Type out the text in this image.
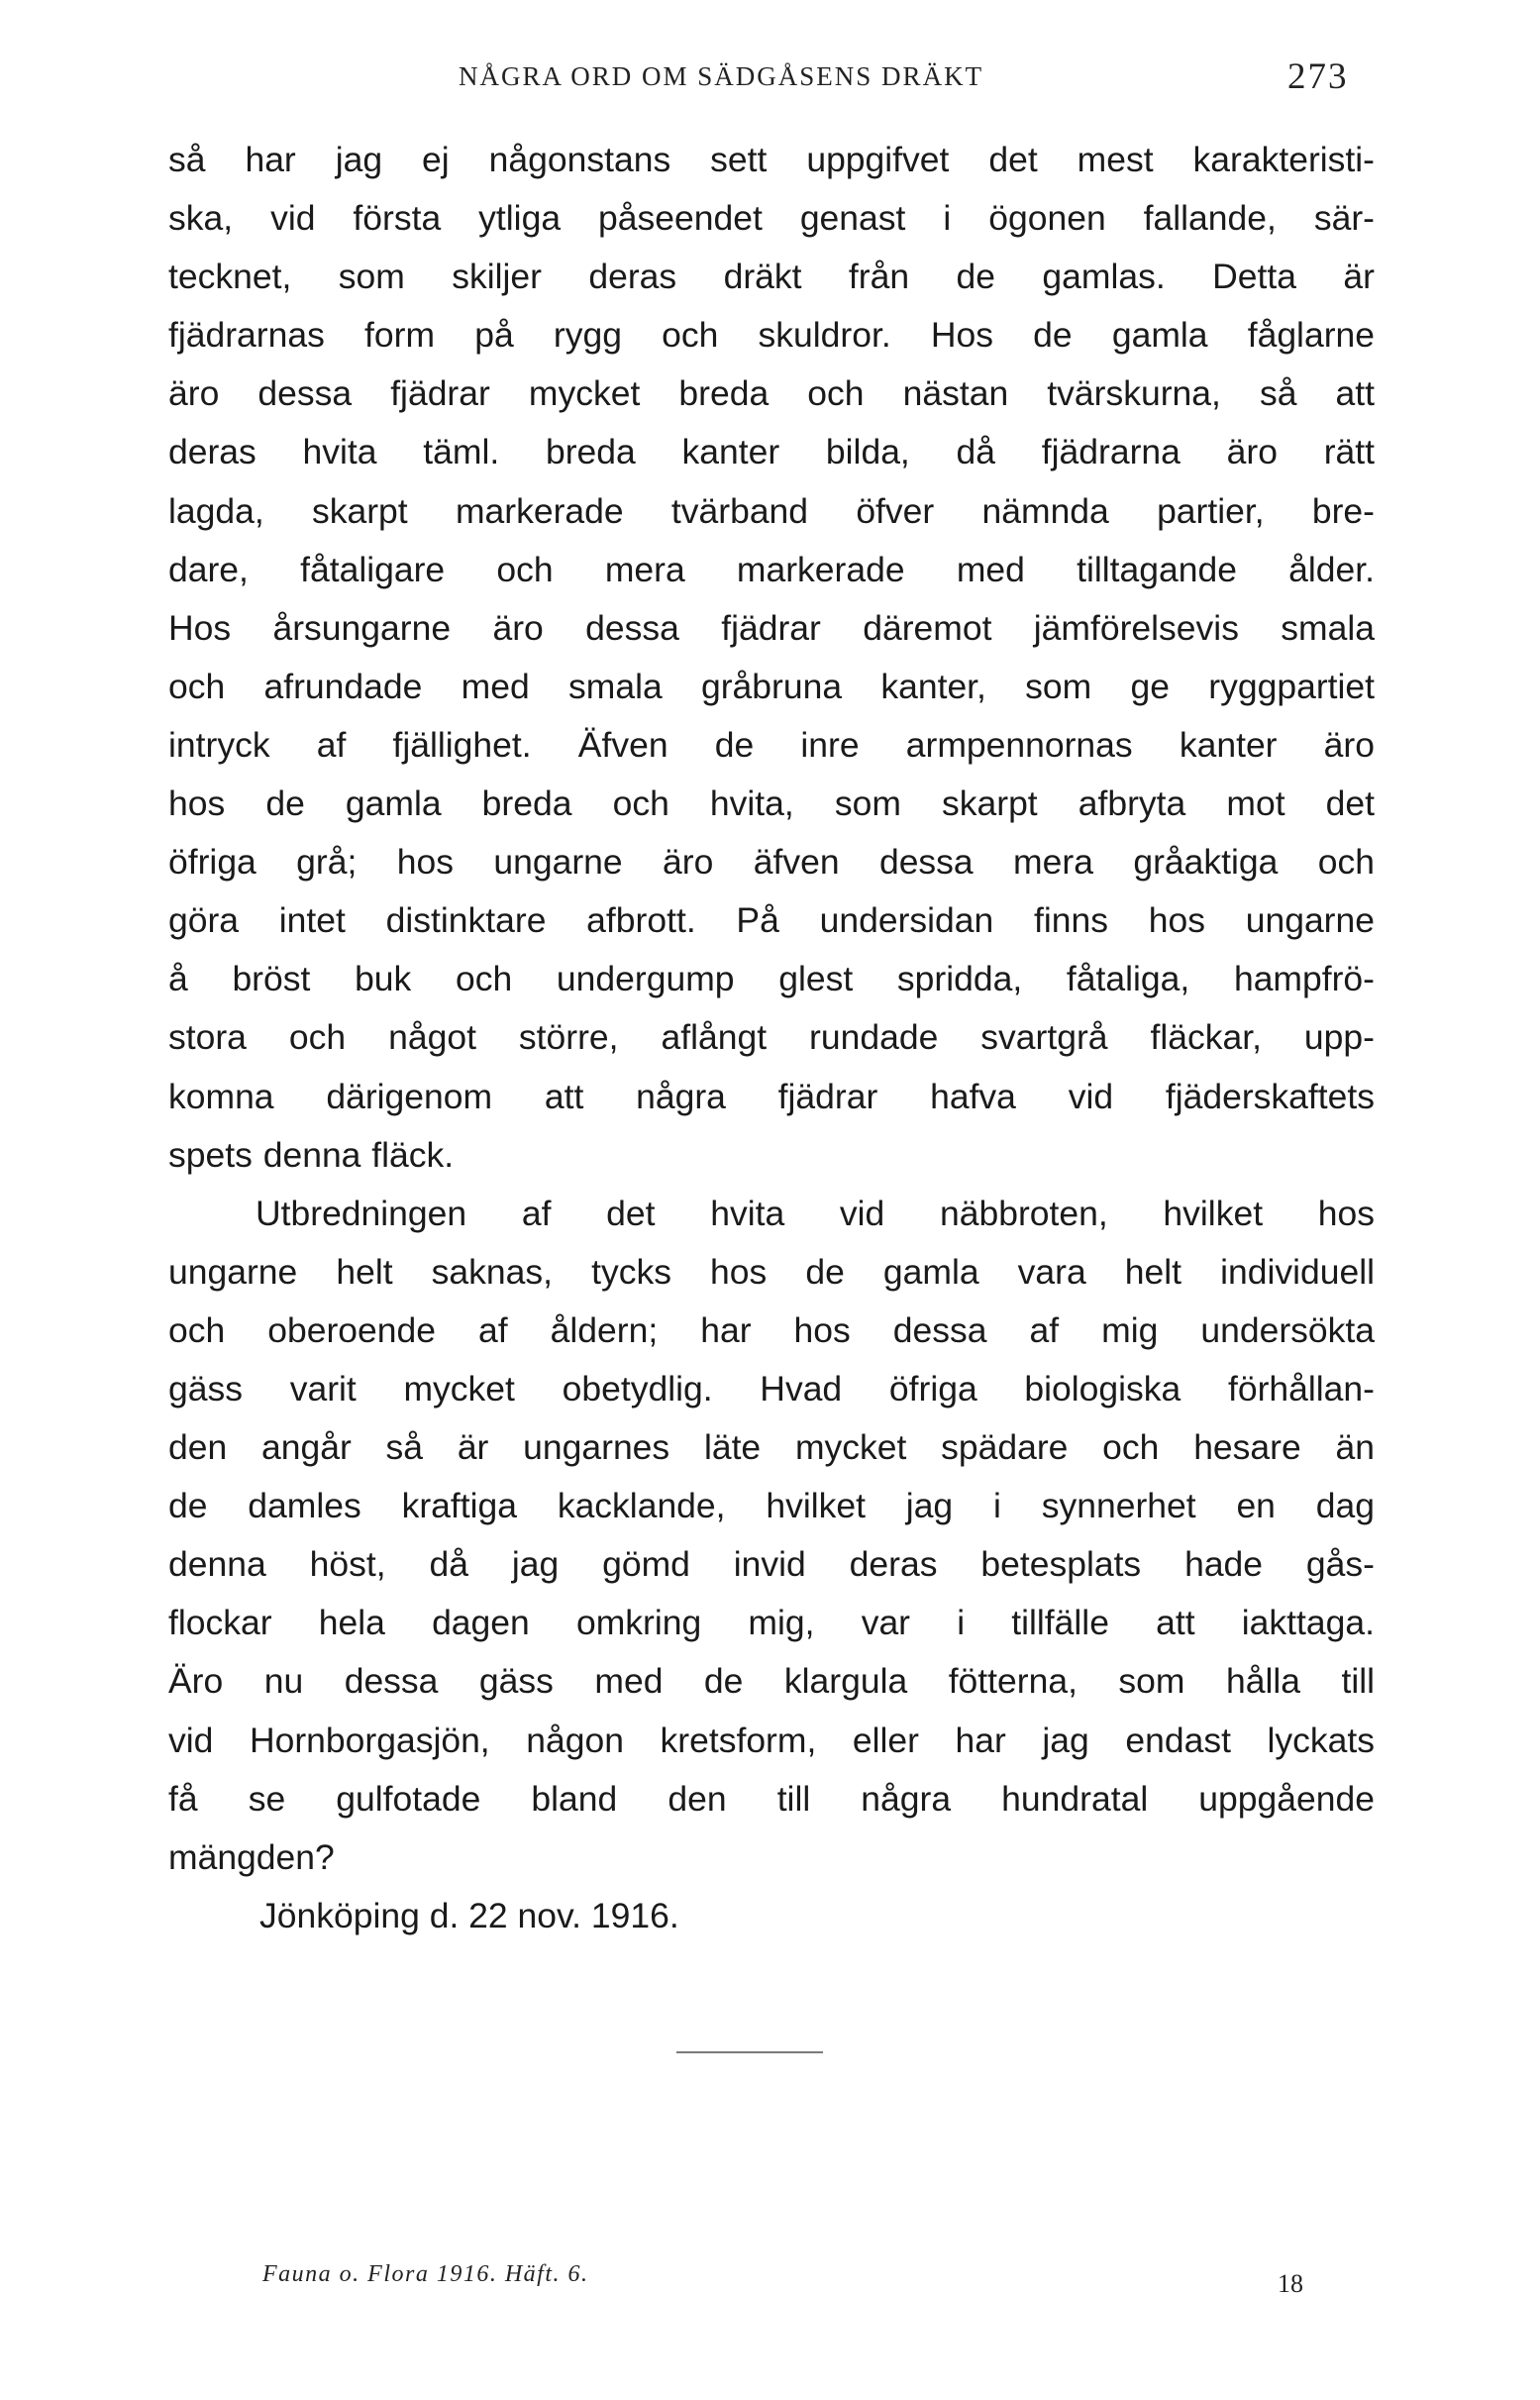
NÅGRA ORD OM SÄDGÅSENS DRÄKT	273
så har jag ej någonstans sett uppgifvet det mest karakteristi-
ska, vid första ytliga påseendet genast i ögonen fallande, sär-
tecknet, som skiljer deras dräkt från de gamlas. Detta är
fjädrarnas form på rygg och skuldror. Hos de gamla fåglarne
äro dessa fjädrar mycket breda och nästan tvärskurna, så att
deras hvita täml. breda kanter bilda, då fjädrarna äro rätt
lagda, skarpt markerade tvärband öfver nämnda partier, bre-
dare, fåtaligare och mera markerade med tilltagande ålder.
Hos årsungarne äro dessa fjädrar däremot jämförelsevis smala
och afrundade med smala gråbruna kanter, som ge ryggpartiet
intryck af fjällighet. Äfven de inre armpennornas kanter äro
hos de gamla breda och hvita, som skarpt afbryta mot det
öfriga grå; hos ungarne äro äfven dessa mera gråaktiga och
göra intet distinktare afbrott. På undersidan finns hos ungarne
å bröst buk och undergump glest spridda, fåtaliga, hampfrö-
stora och något större, aflångt rundade svartgrå fläckar, upp-
komna därigenom att några fjädrar hafva vid fjäderskaftets
spets denna fläck.
Utbredningen af det hvita vid näbbroten, hvilket hos
ungarne helt saknas, tycks hos de gamla vara helt individuell
och oberoende af åldern; har hos dessa af mig undersökta
gäss varit mycket obetydlig. Hvad öfriga biologiska förhållan-
den angår så är ungarnes läte mycket spädare och hesare än
de damles kraftiga kacklande, hvilket jag i synnerhet en dag
denna höst, då jag gömd invid deras betesplats hade gås-
flockar hela dagen omkring mig, var i tillfälle att iakttaga.
Äro nu dessa gäss med de klargula fötterna, som hålla till
vid Hornborgasjön, någon kretsform, eller har jag endast lyckats
få se gulfotade bland den till några hundratal uppgående
mängden?
Jönköping d. 22 nov. 1916.
Fauna o. Flora 1916. Häft. 6.	18
